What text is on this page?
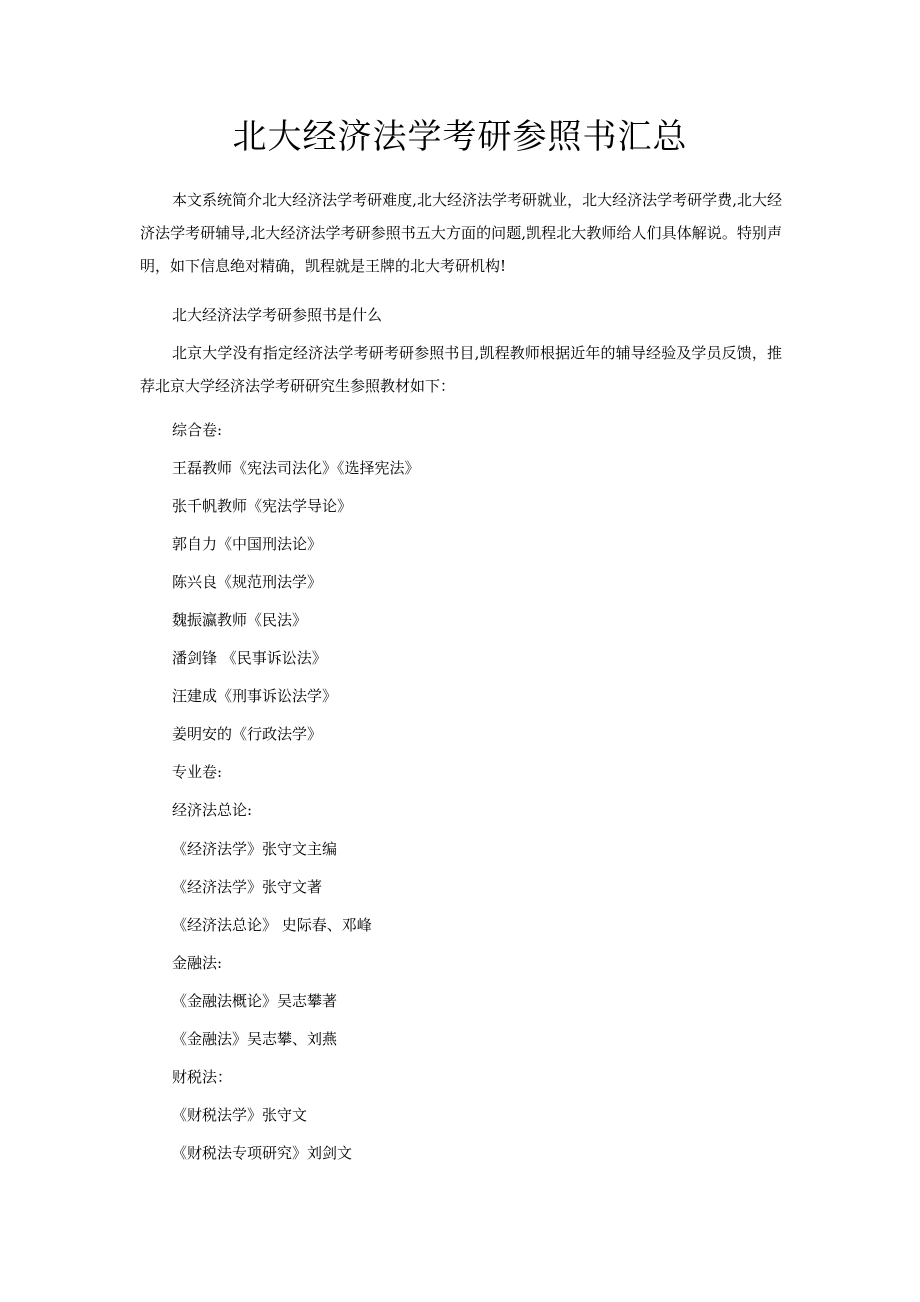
北大经济法学考研参照书汇总

本文系统简介北大经济法学考研难度,北大经济法学考研就业，北大经济法学考研学费,北大经济法学考研辅导,北大经济法学考研参照书五大方面的问题,凯程北大教师给人们具体解说。特别声明，如下信息绝对精确，凯程就是王牌的北大考研机构!

北大经济法学考研参照书是什么

北京大学没有指定经济法学考研考研参照书目,凯程教师根据近年的辅导经验及学员反馈，推荐北京大学经济法学考研研究生参照教材如下：

综合卷:

王磊教师《宪法司法化》《选择宪法》

张千帆教师《宪法学导论》

郭自力《中国刑法论》

陈兴良《规范刑法学》

魏振瀛教师《民法》

潘剑锋 《民事诉讼法》

汪建成《刑事诉讼法学》

姜明安的《行政法学》

专业卷:

经济法总论:

《经济法学》张守文主编

《经济法学》张守文著

《经济法总论》 史际春、邓峰

金融法:

《金融法概论》吴志攀著

《金融法》吴志攀、刘燕

财税法：

《财税法学》张守文

《财税法专项研究》刘剑文
